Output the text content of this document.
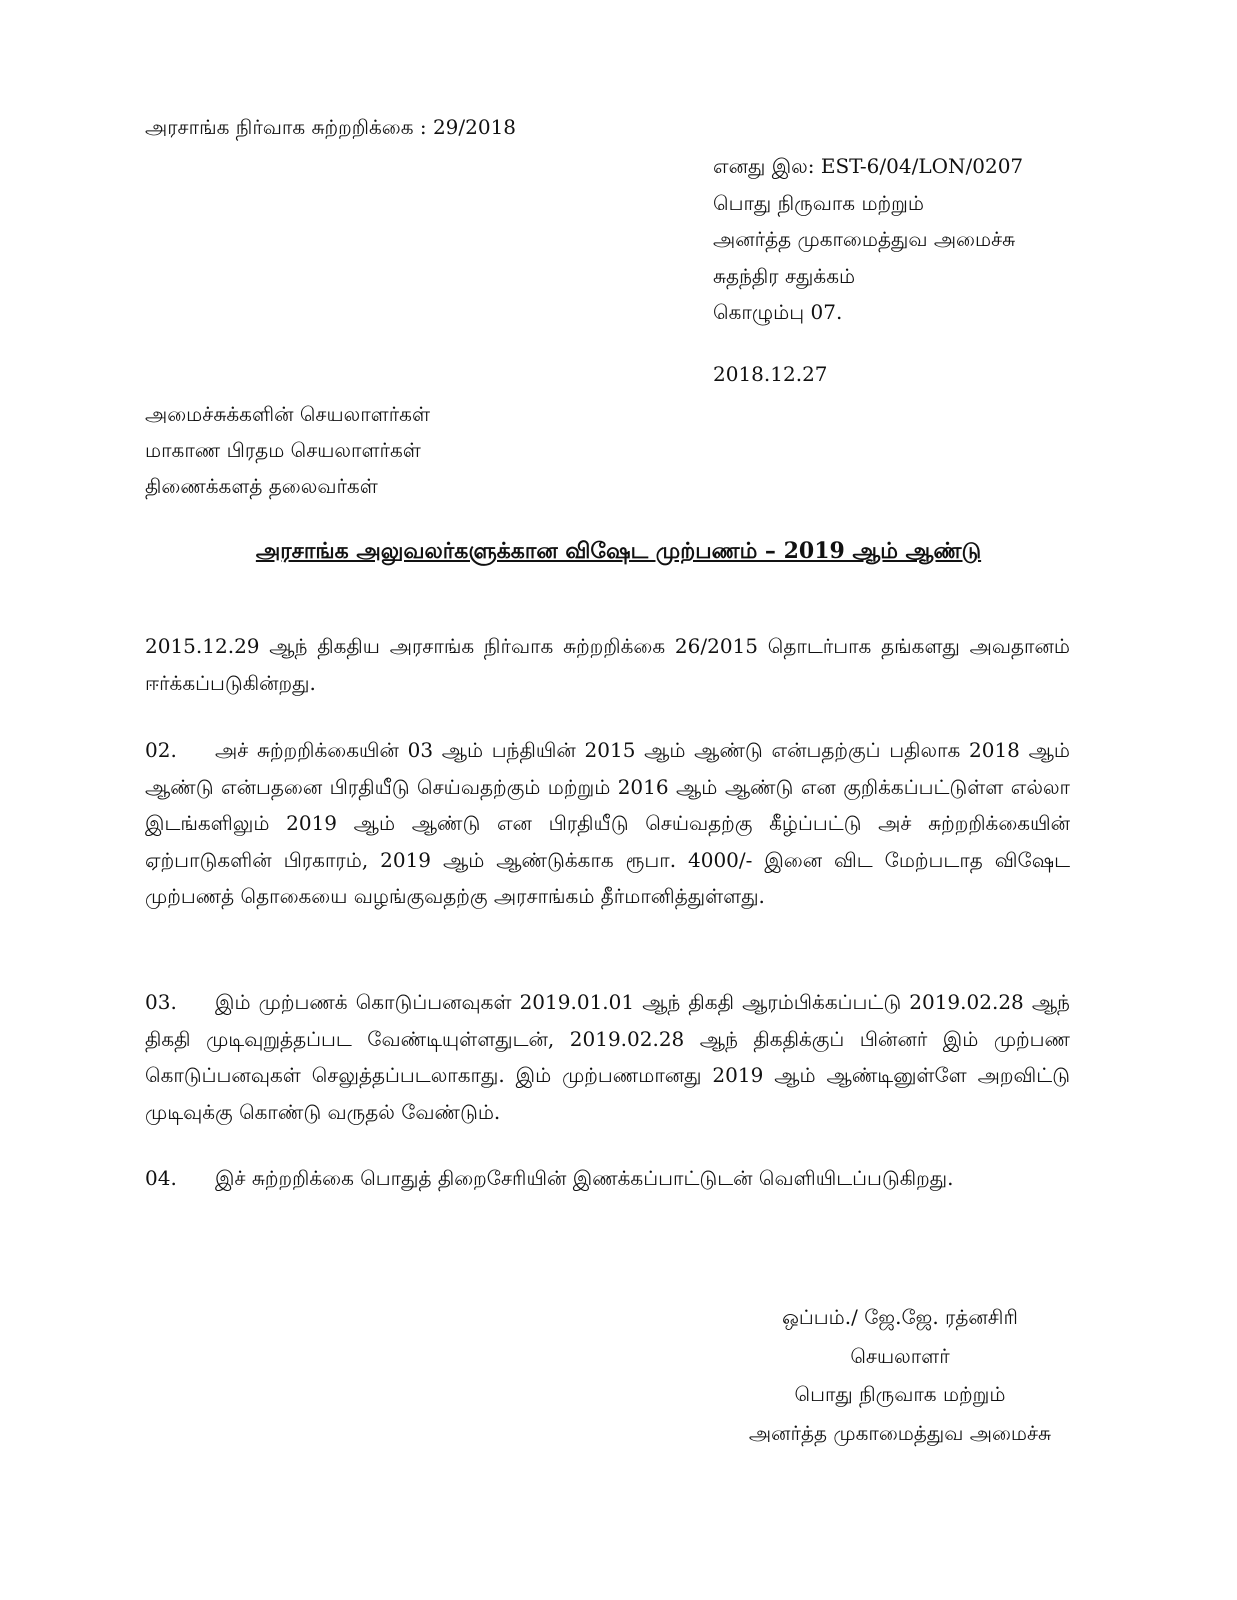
அரசாங்க நிர்வாக சுற்றறிக்கை : 29/2018
எனது இல: EST-6/04/LON/0207
பொது நிருவாக மற்றும்
அனர்த்த முகாமைத்துவ அமைச்சு
சுதந்திர சதுக்கம்
கொழும்பு 07.
2018.12.27
அமைச்சுக்களின் செயலாளர்கள்
மாகாண பிரதம செயலாளர்கள்
திணைக்களத் தலைவர்கள்
அரசாங்க அலுவலர்களுக்கான விஷேட முற்பணம் – 2019 ஆம் ஆண்டு
2015.12.29 ஆந் திகதிய அரசாங்க நிர்வாக சுற்றறிக்கை 26/2015 தொடர்பாக தங்களது அவதானம் ஈர்க்கப்படுகின்றது.
02. அச் சுற்றறிக்கையின் 03 ஆம் பந்தியின் 2015 ஆம் ஆண்டு என்பதற்குப் பதிலாக 2018 ஆம் ஆண்டு என்பதனை பிரதியீடு செய்வதற்கும் மற்றும் 2016 ஆம் ஆண்டு என குறிக்கப்பட்டுள்ள எல்லா இடங்களிலும் 2019 ஆம் ஆண்டு என பிரதியீடு செய்வதற்கு கீழ்ப்பட்டு அச் சுற்றறிக்கையின் ஏற்பாடுகளின் பிரகாரம், 2019 ஆம் ஆண்டுக்காக ரூபா. 4000/- இனை விட மேற்படாத விஷேட முற்பணத் தொகையை வழங்குவதற்கு அரசாங்கம் தீர்மானித்துள்ளது.
03. இம் முற்பணக் கொடுப்பனவுகள் 2019.01.01 ஆந் திகதி ஆரம்பிக்கப்பட்டு 2019.02.28 ஆந் திகதி முடிவுறுத்தப்பட வேண்டியுள்ளதுடன், 2019.02.28 ஆந் திகதிக்குப் பின்னர் இம் முற்பண கொடுப்பனவுகள் செலுத்தப்படலாகாது. இம் முற்பணமானது 2019 ஆம் ஆண்டினுள்ளே அறவிட்டு முடிவுக்கு கொண்டு வருதல் வேண்டும்.
04. இச் சுற்றறிக்கை பொதுத் திறைசேரியின் இணக்கப்பாட்டுடன் வெளியிடப்படுகிறது.
ஒப்பம்./ ஜே.ஜே. ரத்னசிரி
செயலாளர்
பொது நிருவாக மற்றும்
அனர்த்த முகாமைத்துவ அமைச்சு
